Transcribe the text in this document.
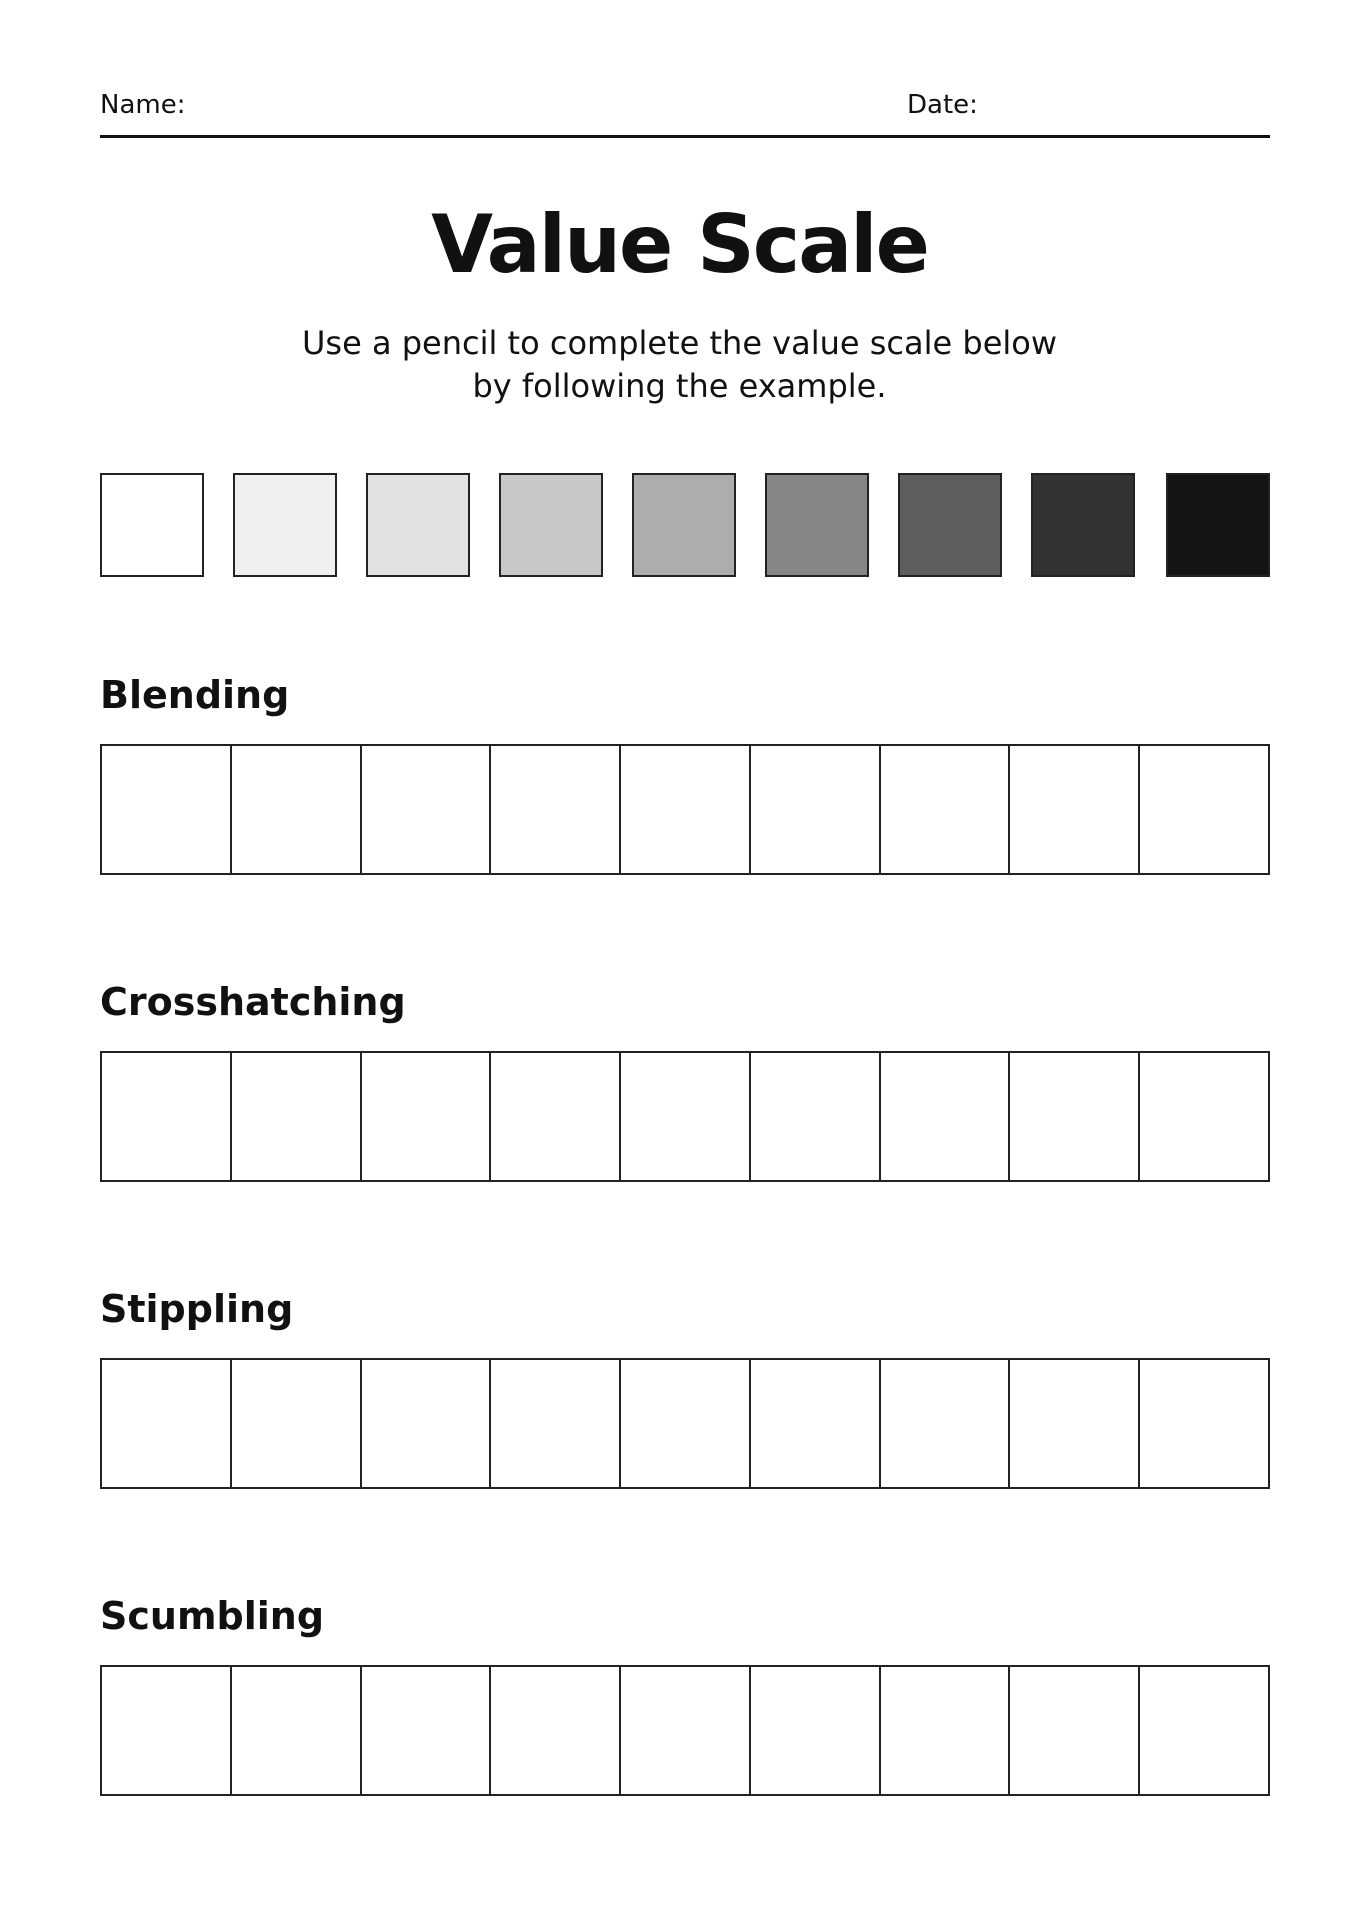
Name:	Date:
Value Scale
Use a pencil to complete the value scale below
by following the example.
Blending
Crosshatching
Stippling
Scumbling
